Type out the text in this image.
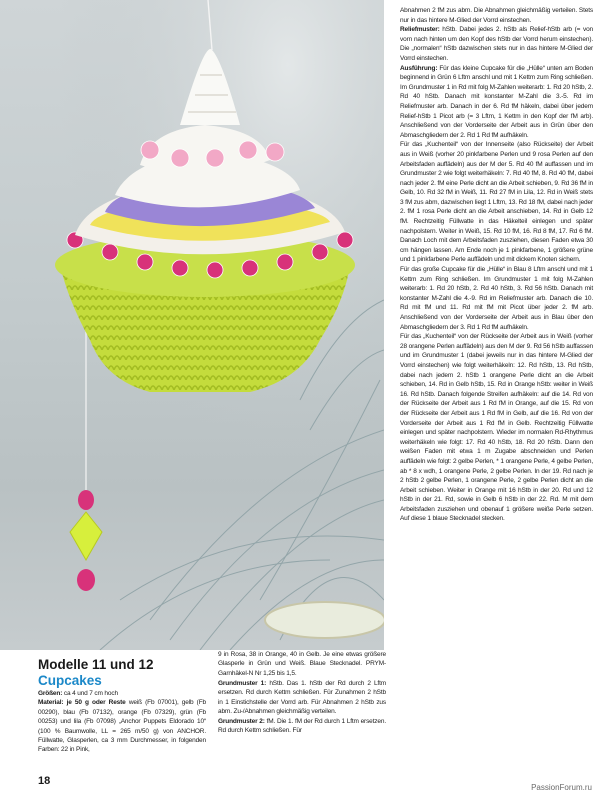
Abnahmen 2 fM zus abm. Die Abnahmen gleichmäßig verteilen. Stets nur in das hintere M-Glied der Vorrd einstechen.

Reliefmuster: hStb. Dabei jedes 2. hStb als Relief-hStb arb (= von vorn nach hinten um den Kopf des hStb der Vorrd herum einstechen). Die „normalen“ hStb dazwischen stets nur in das hintere M-Glied der Vorrd einstechen.

Ausführung: Für das kleine Cupcake für die „Hülle“ unten am Boden beginnend in Grün 6 Lftm anschl und mit 1 Kettm zum Ring schließen. Im Grundmuster 1 in Rd mit folg M-Zahlen weiterarb: 1. Rd 20 hStb, 2. Rd 40 hStb. Danach mit konstanter M-Zahl die 3.-5. Rd im Reliefmuster arb. Danach in der 6. Rd fM häkeln, dabei über jedem Relief-hStb 1 Picot arb (= 3 Lftm, 1 Kettm in den Kopf der fM arb). Anschließend von der Vorderseite der Arbeit aus in Grün über den Abmaschgliedern der 2. Rd 1 Rd fM aufhäkeln.

Für das „Kuchenteil“ von der Innenseite (also Rückseite) der Arbeit aus in Weiß (vorher 20 pinkfarbene Perlen und 9 rosa Perlen auf den Arbeitsfaden auffädeln) aus der M der 5. Rd 40 fM auffassen und im Grundmuster 2 wie folgt weiterhäkeln: 7. Rd 40 fM, 8. Rd 40 fM, dabei nach jeder 2. fM eine Perle dicht an die Arbeit schieben, 9. Rd 36 fM in Gelb, 10. Rd 32 fM in Weiß, 11. Rd 27 fM in Lila, 12. Rd in Weiß stets 3 fM zus abm, dazwischen liegt 1 Lftm, 13. Rd 18 fM, dabei nach jeder 2. fM 1 rosa Perle dicht an die Arbeit anschieben, 14. Rd in Gelb 12 fM. Rechtzeitig Füllwatte in das Häkelteil einlegen und später nachpolstern. Weiter in Weiß, 15. Rd 10 fM, 16. Rd 8 fM, 17. Rd 6 fM. Danach Loch mit dem Arbeitsfaden zusziehen, diesen Faden etwa 30 cm hängen lassen. Am Ende noch je 1 pinkfarbene, 1 größere grüne und 1 pinkfarbene Perle auffädeln und mit dickem Knoten sichern.

Für das große Cupcake für die „Hülle“ in Blau 8 Lftm anschl und mit 1 Kettm zum Ring schließen. Im Grundmuster 1 mit folg M-Zahlen weiterarb: 1. Rd 20 hStb, 2. Rd 40 hStb, 3. Rd 56 hStb. Danach mit konstanter M-Zahl die 4.-9. Rd im Reliefmuster arb. Danach die 10. Rd mit fM und 11. Rd mit fM mit Picot über jeder 2. fM arb. Anschließend von der Vorderseite der Arbeit aus in Blau über den Abmaschgliedern der 3. Rd 1 Rd fM aufhäkeln.

Für das „Kuchenteil“ von der Rückseite der Arbeit aus in Weiß (vorher 28 orangene Perlen auffädeln) aus den M der 9. Rd 56 hStb auffassen und im Grundmuster 1 (dabei jeweils nur in das hintere M-Glied der Vorrd einstechen) wie folgt weiterhäkeln: 12. Rd hStb, 13. Rd hStb, dabei nach jedem 2. hStb 1 orangene Perle dicht an die Arbeit schieben, 14. Rd in Gelb hStb, 15. Rd in Orange hStb: weiter in Weiß 16. Rd hStb. Danach folgende Streifen aufhäkeln: auf die 14. Rd von der Rückseite der Arbeit aus 1 Rd fM in Orange, auf die 15. Rd von der Rückseite der Arbeit aus 1 Rd fM in Gelb, auf die 16. Rd von der Vorderseite der Arbeit aus 1 Rd fM in Gelb. Rechtzeitig Füllwatte einlegen und später nachpolstern. Wieder im normalen Rd-Rhythmus weiterhäkeln wie folgt: 17. Rd 40 hStb, 18. Rd 20 hStb. Dann den weißen Faden mit etwa 1 m Zugabe abschneiden und Perlen auffädeln wie folgt: 2 gelbe Perlen, * 1 orangene Perle, 4 gelbe Perlen, ab * 8 x wdh, 1 orangene Perle, 2 gelbe Perlen. In der 19. Rd nach je 2 hStb 2 gelbe Perlen, 1 orangene Perle, 2 gelbe Perlen dicht an die Arbeit schieben. Weiter in Orange mit 16 hStb in der 20. Rd und 12 hStb in der 21. Rd, sowie in Gelb 6 hStb in der 22. Rd. M mit dem Arbeitsfaden zusziehen und obenauf 1 größere weiße Perle setzen. Auf diese 1 blaue Stecknadel stecken.

Modelle 11 und 12
Cupcakes

Größen: ca 4 und 7 cm hoch

Material: je 50 g oder Reste weiß (Fb 07001), gelb (Fb 00290), blau (Fb 07132), orange (Fb 07329), grün (Fb 00253) und lila (Fb 07098) „Anchor Puppets Eldorado 10“ (100 % Baumwolle, LL = 265 m/50 g) von ANCHOR. Füllwatte, Glasperlen, ca 3 mm Durchmesser, in folgenden Farben: 22 in Pink,

9 in Rosa, 38 in Orange, 40 in Gelb. Je eine etwas größere Glasperle in Grün und Weiß. Blaue Stecknadel. PRYM-Garnhäkel-N Nr 1,25 bis 1,5.

Grundmuster 1: hStb. Das 1. hStb der Rd durch 2 Lftm ersetzen. Rd durch Kettm schließen. Für Zunahmen 2 hStb in 1 Einstichstelle der Vorrd arb. Für Abnahmen 2 hStb zus abm. Zu-/Abnahmen gleichmäßig verteilen.

Grundmuster 2: fM. Die 1. fM der Rd durch 1 Lftm ersetzen. Rd durch Kettm schließen. Für

18
PassionForum.ru
